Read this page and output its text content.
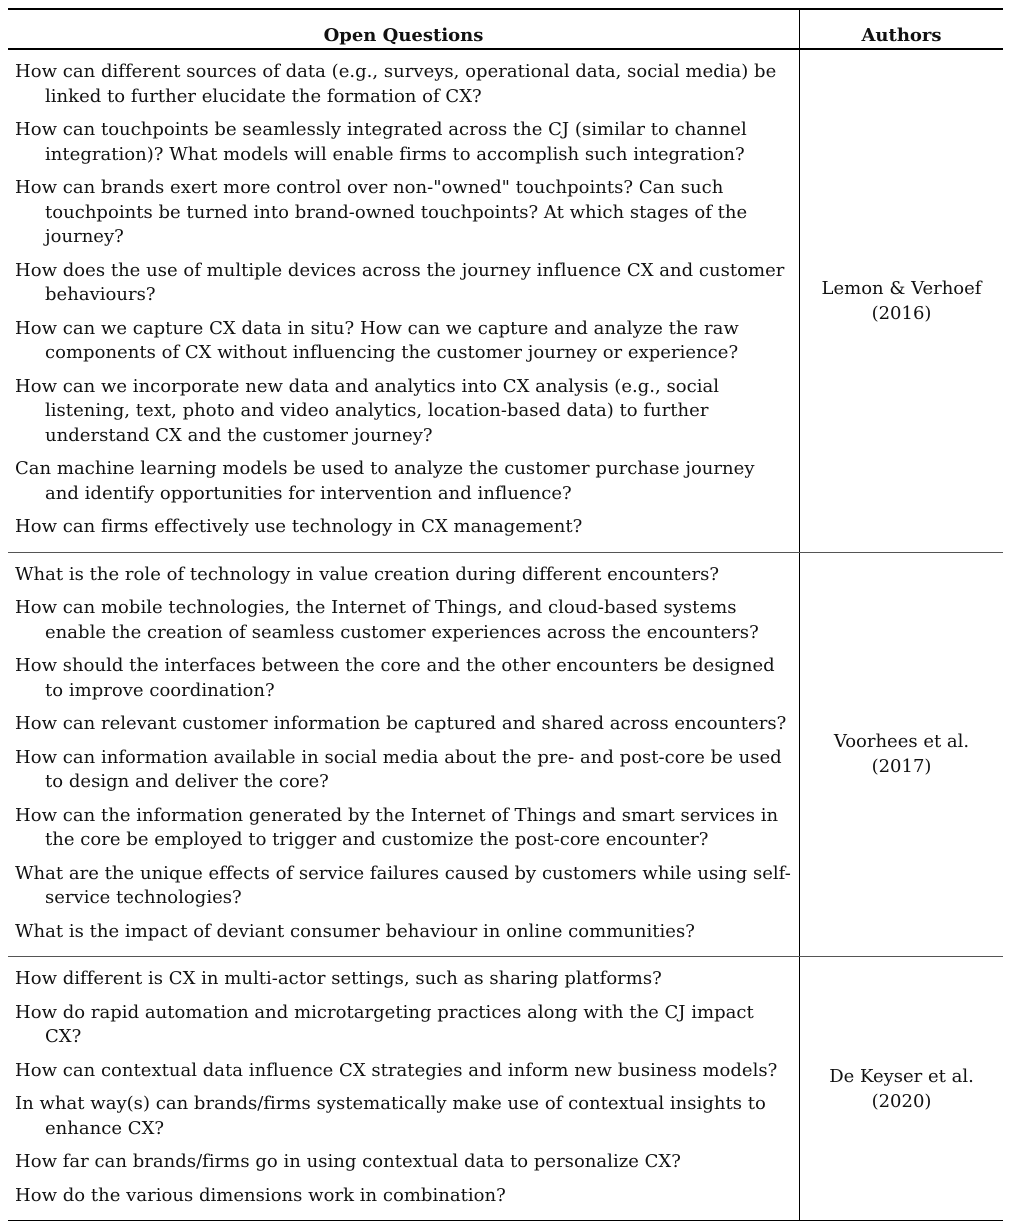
Open Questions	Authors
How can different sources of data (e.g., surveys, operational data, social media) be linked to further elucidate the formation of CX?
How can touchpoints be seamlessly integrated across the CJ (similar to channel integration)? What models will enable firms to accomplish such integration?
How can brands exert more control over non-"owned" touchpoints? Can such touchpoints be turned into brand-owned touchpoints? At which stages of the journey?
How does the use of multiple devices across the journey influence CX and customer behaviours?
How can we capture CX data in situ? How can we capture and analyze the raw components of CX without influencing the customer journey or experience?
How can we incorporate new data and analytics into CX analysis (e.g., social listening, text, photo and video analytics, location-based data) to further understand CX and the customer journey?
Can machine learning models be used to analyze the customer purchase journey and identify opportunities for intervention and influence?
How can firms effectively use technology in CX management?
Lemon & Verhoef
(2016)
What is the role of technology in value creation during different encounters?
How can mobile technologies, the Internet of Things, and cloud-based systems enable the creation of seamless customer experiences across the encounters?
How should the interfaces between the core and the other encounters be designed to improve coordination?
How can relevant customer information be captured and shared across encounters?
How can information available in social media about the pre- and post-core be used to design and deliver the core?
How can the information generated by the Internet of Things and smart services in the core be employed to trigger and customize the post-core encounter?
What are the unique effects of service failures caused by customers while using self-service technologies?
What is the impact of deviant consumer behaviour in online communities?
Voorhees et al.
(2017)
How different is CX in multi-actor settings, such as sharing platforms?
How do rapid automation and microtargeting practices along with the CJ impact CX?
How can contextual data influence CX strategies and inform new business models?
In what way(s) can brands/firms systematically make use of contextual insights to enhance CX?
How far can brands/firms go in using contextual data to personalize CX?
How do the various dimensions work in combination?
De Keyser et al.
(2020)
